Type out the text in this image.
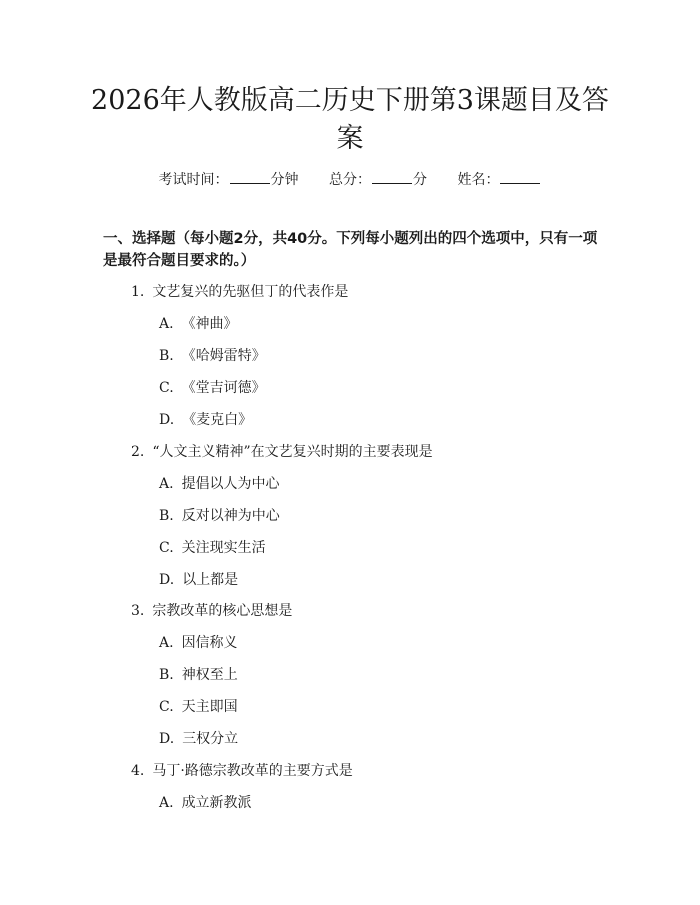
2026年人教版高二历史下册第3课题目及答案
考试时间：	分钟 总分：	分 姓名：

一、选择题（每小题2分，共40分。下列每小题列出的四个选项中，只有一项是最符合题目要求的。）

1. 文艺复兴的先驱但丁的代表作是
A. 《神曲》
B. 《哈姆雷特》
C. 《堂吉诃德》
D. 《麦克白》
2. “人文主义精神”在文艺复兴时期的主要表现是
A. 提倡以人为中心
B. 反对以神为中心
C. 关注现实生活
D. 以上都是
3. 宗教改革的核心思想是
A. 因信称义
B. 神权至上
C. 天主即国
D. 三权分立
4. 马丁·路德宗教改革的主要方式是
A. 成立新教派
